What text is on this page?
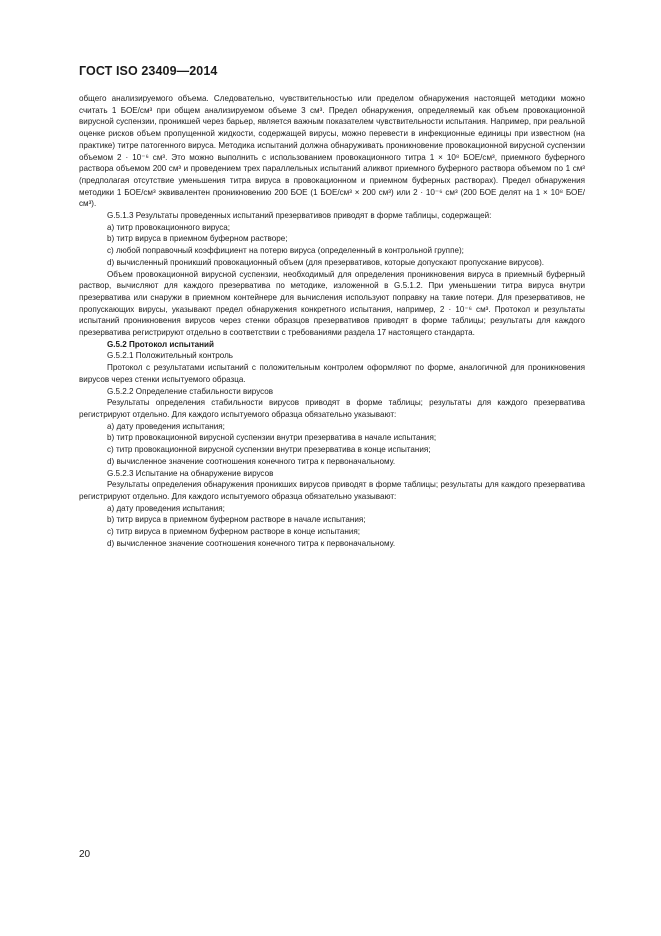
ГОСТ ISO 23409—2014

общего анализируемого объема. Следовательно, чувствительностью или пределом обнаружения настоящей методики можно считать 1 БОЕ/см³ при общем анализируемом объеме 3 см³. Предел обнаружения, определяемый как объем провокационной вирусной суспензии, проникшей через барьер, является важным показателем чувствительности испытания. Например, при реальной оценке рисков объем пропущенной жидкости, содержащей вирусы, можно перевести в инфекционные единицы при известном (на практике) титре патогенного вируса. Методика испытаний должна обнаруживать проникновение провокационной вирусной суспензии объемом 2 · 10⁻⁶ см³. Это можно выполнить с использованием провокационного титра 1 × 10⁸ БОЕ/см³, приемного буферного раствора объемом 200 см³ и проведением трех параллельных испытаний аликвот приемного буферного раствора объемом по 1 см³ (предполагая отсутствие уменьшения титра вируса в провокационном и приемном буферных растворах). Предел обнаружения методики 1 БОЕ/см³ эквивалентен проникновению 200 БОЕ (1 БОЕ/см³ × 200 см³) или 2 · 10⁻⁶ см³ (200 БОЕ делят на 1 × 10⁸ БОЕ/см³).

G.5.1.3 Результаты проведенных испытаний презервативов приводят в форме таблицы, содержащей:

a) титр провокационного вируса;

b) титр вируса в приемном буферном растворе;

c) любой поправочный коэффициент на потерю вируса (определенный в контрольной группе);

d) вычисленный проникший провокационный объем (для презервативов, которые допускают пропускание вирусов).

Объем провокационной вирусной суспензии, необходимый для определения проникновения вируса в приемный буферный раствор, вычисляют для каждого презерватива по методике, изложенной в G.5.1.2. При уменьшении титра вируса внутри презерватива или снаружи в приемном контейнере для вычисления используют поправку на такие потери. Для презервативов, не пропускающих вирусы, указывают предел обнаружения конкретного испытания, например, 2 · 10⁻⁶ см³. Протокол и результаты испытаний проникновения вирусов через стенки образцов презервативов приводят в форме таблицы; результаты для каждого презерватива регистрируют отдельно в соответствии с требованиями раздела 17 настоящего стандарта.

G.5.2 Протокол испытаний

G.5.2.1 Положительный контроль

Протокол с результатами испытаний с положительным контролем оформляют по форме, аналогичной для проникновения вирусов через стенки испытуемого образца.

G.5.2.2 Определение стабильности вирусов

Результаты определения стабильности вирусов приводят в форме таблицы; результаты для каждого презерватива регистрируют отдельно. Для каждого испытуемого образца обязательно указывают:

a) дату проведения испытания;

b) титр провокационной вирусной суспензии внутри презерватива в начале испытания;

c) титр провокационной вирусной суспензии внутри презерватива в конце испытания;

d) вычисленное значение соотношения конечного титра к первоначальному.

G.5.2.3 Испытание на обнаружение вирусов

Результаты определения обнаружения проникших вирусов приводят в форме таблицы; результаты для каждого презерватива регистрируют отдельно. Для каждого испытуемого образца обязательно указывают:

a) дату проведения испытания;

b) титр вируса в приемном буферном растворе в начале испытания;

c) титр вируса в приемном буферном растворе в конце испытания;

d) вычисленное значение соотношения конечного титра к первоначальному.

20
